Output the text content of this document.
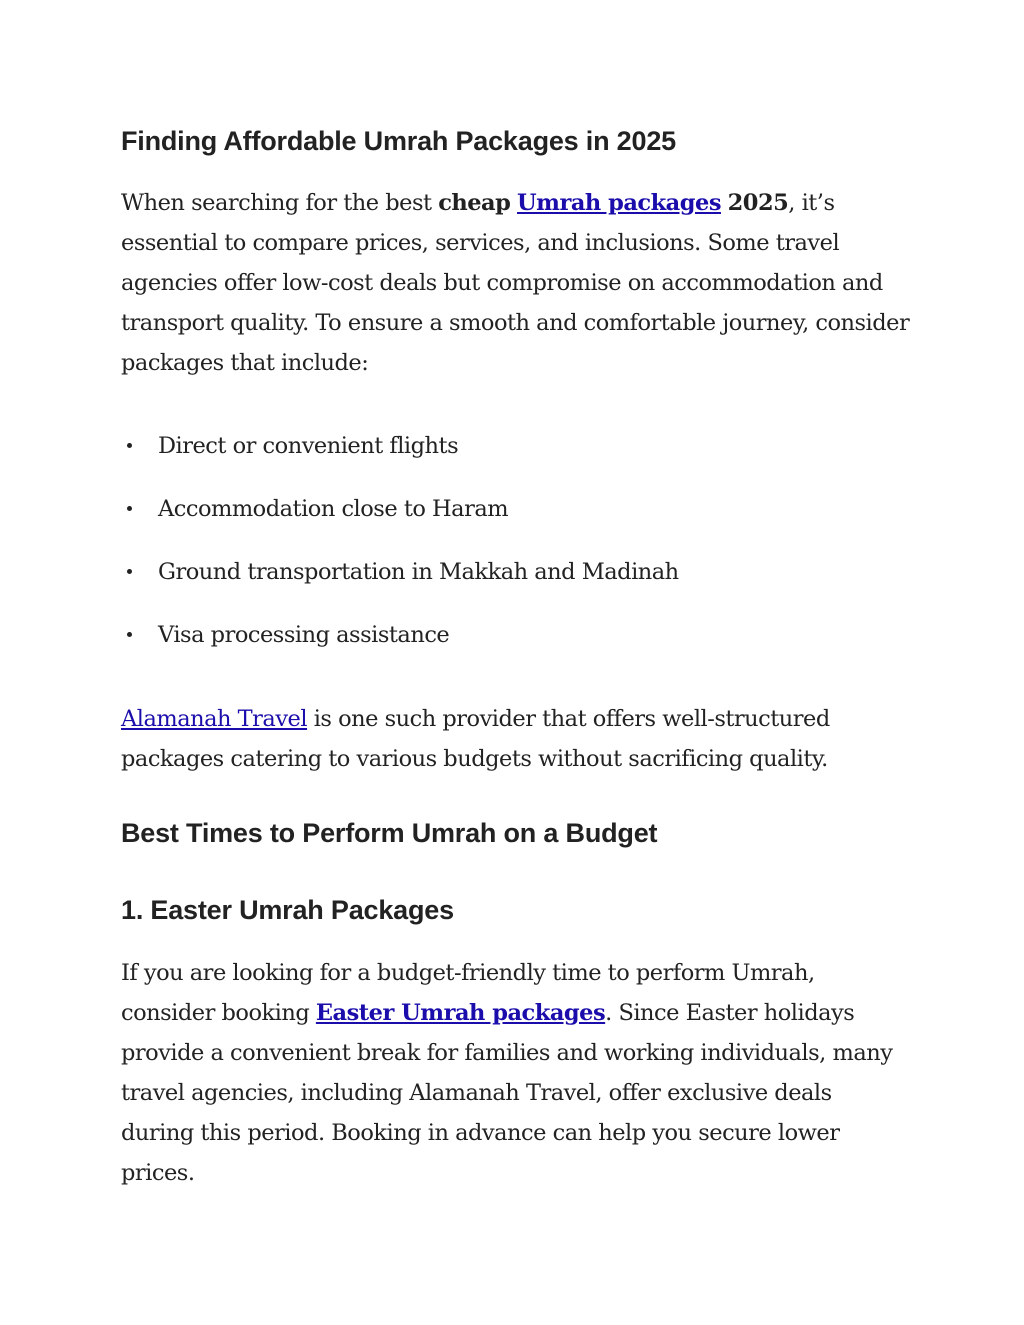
Finding Affordable Umrah Packages in 2025

When searching for the best cheap Umrah packages 2025, it’s essential to compare prices, services, and inclusions. Some travel agencies offer low-cost deals but compromise on accommodation and transport quality. To ensure a smooth and comfortable journey, consider packages that include:

Direct or convenient flights
Accommodation close to Haram
Ground transportation in Makkah and Madinah
Visa processing assistance

Alamanah Travel is one such provider that offers well-structured packages catering to various budgets without sacrificing quality.

Best Times to Perform Umrah on a Budget
1. Easter Umrah Packages

If you are looking for a budget-friendly time to perform Umrah, consider booking Easter Umrah packages. Since Easter holidays provide a convenient break for families and working individuals, many travel agencies, including Alamanah Travel, offer exclusive deals during this period. Booking in advance can help you secure lower prices.
